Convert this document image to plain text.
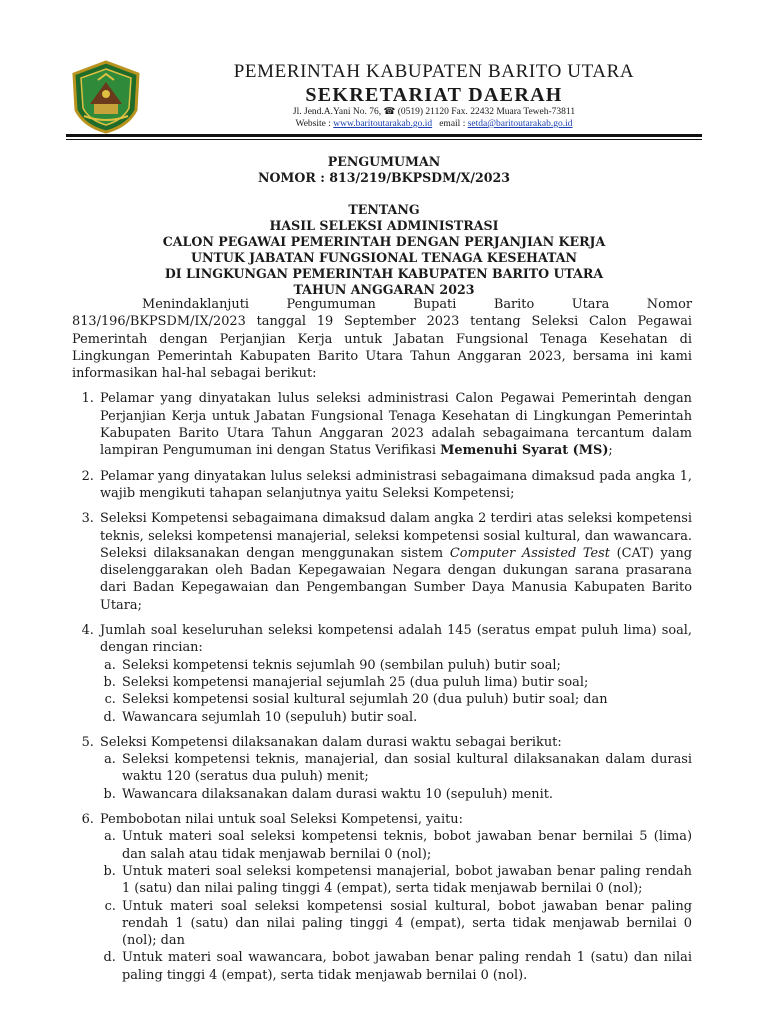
PEMERINTAH KABUPATEN BARITO UTARA
SEKRETARIAT DAERAH
Jl. Jend.A.Yani No. 76, ☎ (0519) 21120 Fax. 22432 Muara Teweh-73811
Website : www.baritoutarakab.go.id email : setda@baritoutarakab.go.id
PENGUMUMAN
NOMOR : 813/219/BKPSDM/X/2023
TENTANG
HASIL SELEKSI ADMINISTRASI
CALON PEGAWAI PEMERINTAH DENGAN PERJANJIAN KERJA
UNTUK JABATAN FUNGSIONAL TENAGA KESEHATAN
DI LINGKUNGAN PEMERINTAH KABUPATEN BARITO UTARA
TAHUN ANGGARAN 2023

Menindaklanjuti Pengumuman Bupati Barito Utara Nomor 813/196/BKPSDM/IX/2023 tanggal 19 September 2023 tentang Seleksi Calon Pegawai Pemerintah dengan Perjanjian Kerja untuk Jabatan Fungsional Tenaga Kesehatan di Lingkungan Pemerintah Kabupaten Barito Utara Tahun Anggaran 2023, bersama ini kami informasikan hal-hal sebagai berikut:

1. Pelamar yang dinyatakan lulus seleksi administrasi Calon Pegawai Pemerintah dengan Perjanjian Kerja untuk Jabatan Fungsional Tenaga Kesehatan di Lingkungan Pemerintah Kabupaten Barito Utara Tahun Anggaran 2023 adalah sebagaimana tercantum dalam lampiran Pengumuman ini dengan Status Verifikasi Memenuhi Syarat (MS);
2. Pelamar yang dinyatakan lulus seleksi administrasi sebagaimana dimaksud pada angka 1, wajib mengikuti tahapan selanjutnya yaitu Seleksi Kompetensi;
3. Seleksi Kompetensi sebagaimana dimaksud dalam angka 2 terdiri atas seleksi kompetensi teknis, seleksi kompetensi manajerial, seleksi kompetensi sosial kultural, dan wawancara. Seleksi dilaksanakan dengan menggunakan sistem Computer Assisted Test (CAT) yang diselenggarakan oleh Badan Kepegawaian Negara dengan dukungan sarana prasarana dari Badan Kepegawaian dan Pengembangan Sumber Daya Manusia Kabupaten Barito Utara;
4. Jumlah soal keseluruhan seleksi kompetensi adalah 145 (seratus empat puluh lima) soal, dengan rincian:
a. Seleksi kompetensi teknis sejumlah 90 (sembilan puluh) butir soal;
b. Seleksi kompetensi manajerial sejumlah 25 (dua puluh lima) butir soal;
c. Seleksi kompetensi sosial kultural sejumlah 20 (dua puluh) butir soal; dan
d. Wawancara sejumlah 10 (sepuluh) butir soal.
5. Seleksi Kompetensi dilaksanakan dalam durasi waktu sebagai berikut:
a. Seleksi kompetensi teknis, manajerial, dan sosial kultural dilaksanakan dalam durasi waktu 120 (seratus dua puluh) menit;
b. Wawancara dilaksanakan dalam durasi waktu 10 (sepuluh) menit.
6. Pembobotan nilai untuk soal Seleksi Kompetensi, yaitu:
a. Untuk materi soal seleksi kompetensi teknis, bobot jawaban benar bernilai 5 (lima) dan salah atau tidak menjawab bernilai 0 (nol);
b. Untuk materi soal seleksi kompetensi manajerial, bobot jawaban benar paling rendah 1 (satu) dan nilai paling tinggi 4 (empat), serta tidak menjawab bernilai 0 (nol);
c. Untuk materi soal seleksi kompetensi sosial kultural, bobot jawaban benar paling rendah 1 (satu) dan nilai paling tinggi 4 (empat), serta tidak menjawab bernilai 0 (nol); dan
d. Untuk materi soal wawancara, bobot jawaban benar paling rendah 1 (satu) dan nilai paling tinggi 4 (empat), serta tidak menjawab bernilai 0 (nol).
